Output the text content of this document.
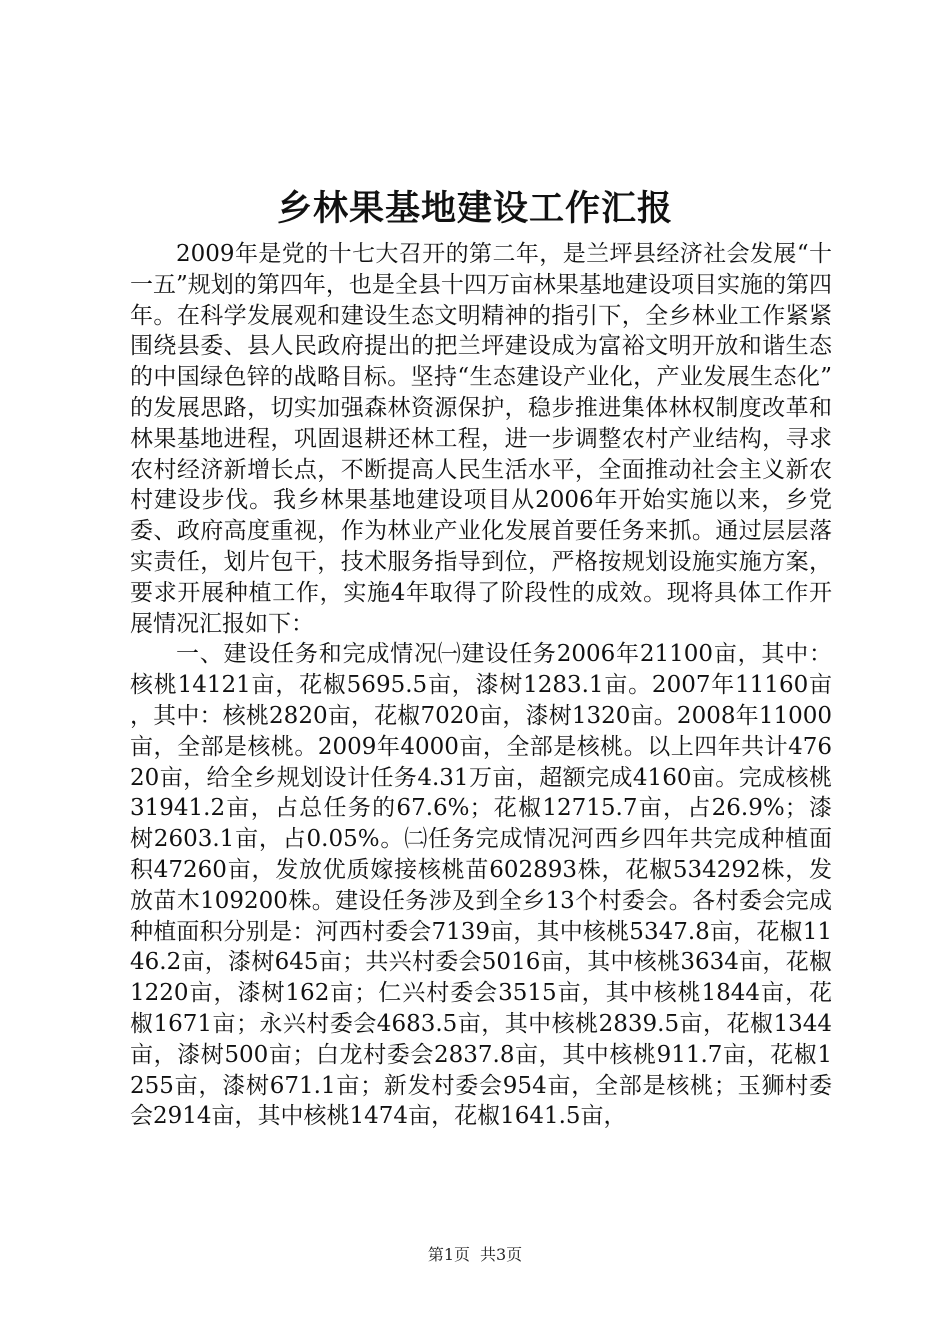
乡林果基地建设工作汇报

2009年是党的十七大召开的第二年，是兰坪县经济社会发展“十一五”规划的第四年，也是全县十四万亩林果基地建设项目实施的第四年。在科学发展观和建设生态文明精神的指引下，全乡林业工作紧紧围绕县委、县人民政府提出的把兰坪建设成为富裕文明开放和谐生态的中国绿色锌的战略目标。坚持“生态建设产业化，产业发展生态化”的发展思路，切实加强森林资源保护，稳步推进集体林权制度改革和林果基地进程，巩固退耕还林工程，进一步调整农村产业结构，寻求农村经济新增长点，不断提高人民生活水平，全面推动社会主义新农村建设步伐。我乡林果基地建设项目从2006年开始实施以来，乡党委、政府高度重视，作为林业产业化发展首要任务来抓。通过层层落实责任，划片包干，技术服务指导到位，严格按规划设施实施方案，要求开展种植工作，实施4年取得了阶段性的成效。现将具体工作开展情况汇报如下：

一、建设任务和完成情况㈠建设任务2006年21100亩，其中：核桃14121亩，花椒5695.5亩，漆树1283.1亩。2007年11160亩，其中：核桃2820亩，花椒7020亩，漆树1320亩。2008年11000亩，全部是核桃。2009年4000亩，全部是核桃。以上四年共计47620亩，给全乡规划设计任务4.31万亩，超额完成4160亩。完成核桃31941.2亩，占总任务的67.6%；花椒12715.7亩，占26.9%；漆树2603.1亩，占0.05%。㈡任务完成情况河西乡四年共完成种植面积47260亩，发放优质嫁接核桃苗602893株，花椒534292株，发放苗木109200株。建设任务涉及到全乡13个村委会。各村委会完成种植面积分别是：河西村委会7139亩，其中核桃5347.8亩，花椒1146.2亩，漆树645亩；共兴村委会5016亩，其中核桃3634亩，花椒1220亩，漆树162亩；仁兴村委会3515亩，其中核桃1844亩，花椒1671亩；永兴村委会4683.5亩，其中核桃2839.5亩，花椒1344亩，漆树500亩；白龙村委会2837.8亩，其中核桃911.7亩，花椒1255亩，漆树671.1亩；新发村委会954亩，全部是核桃；玉狮村委会2914亩，其中核桃1474亩，花椒1641.5亩，

第1页 共3页
